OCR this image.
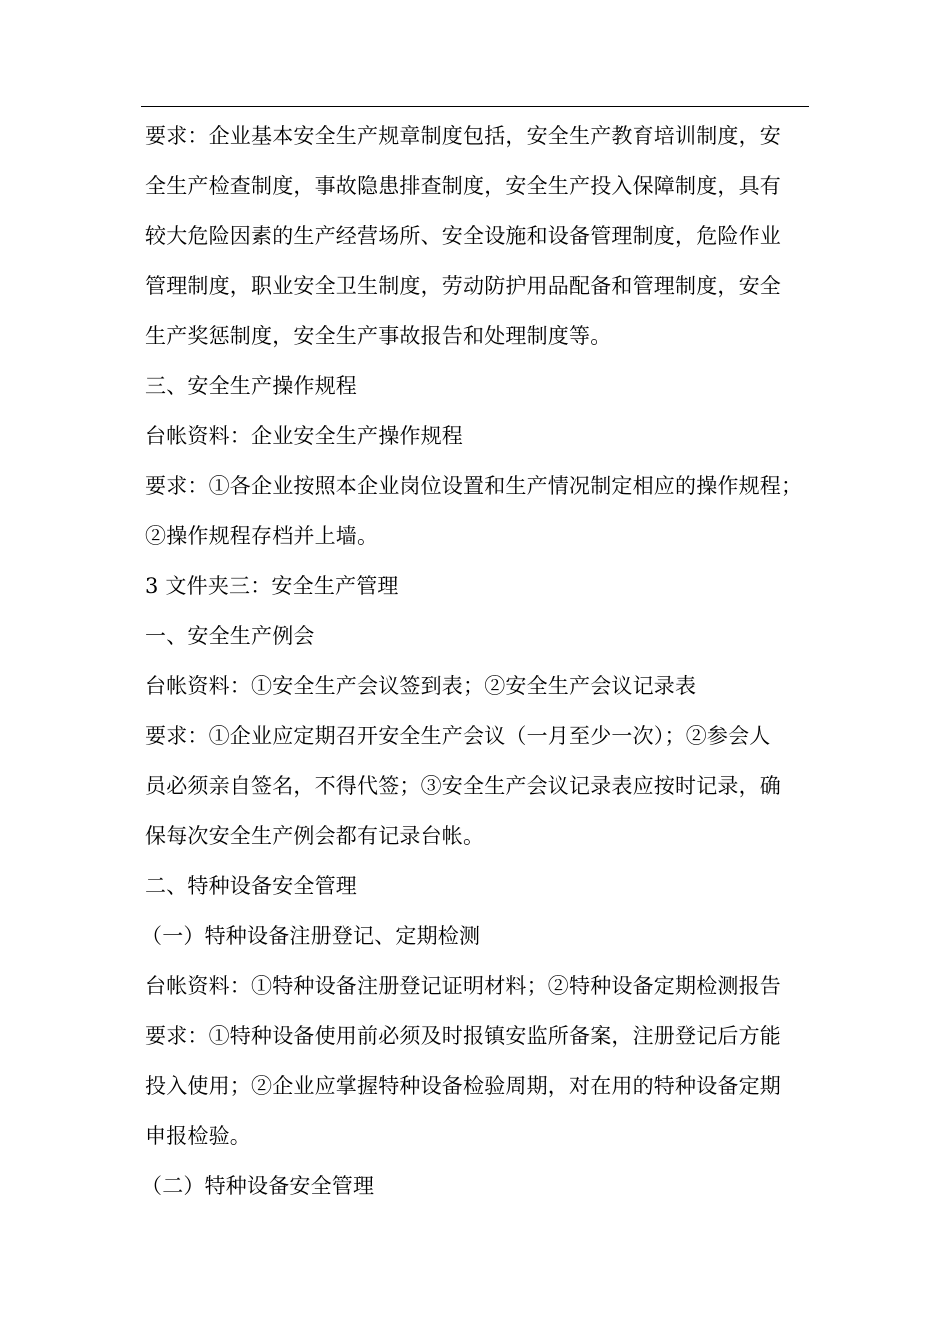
要求：企业基本安全生产规章制度包括，安全生产教育培训制度，安
全生产检查制度，事故隐患排查制度，安全生产投入保障制度，具有
较大危险因素的生产经营场所、安全设施和设备管理制度，危险作业
管理制度，职业安全卫生制度，劳动防护用品配备和管理制度，安全
生产奖惩制度，安全生产事故报告和处理制度等。
三、安全生产操作规程
台帐资料：企业安全生产操作规程
要求：①各企业按照本企业岗位设置和生产情况制定相应的操作规程；
②操作规程存档并上墙。
3 文件夹三：安全生产管理
一、安全生产例会
台帐资料：①安全生产会议签到表；②安全生产会议记录表
要求：①企业应定期召开安全生产会议（一月至少一次）；②参会人
员必须亲自签名，不得代签；③安全生产会议记录表应按时记录，确
保每次安全生产例会都有记录台帐。
二、特种设备安全管理
（一）特种设备注册登记、定期检测
台帐资料：①特种设备注册登记证明材料；②特种设备定期检测报告
要求：①特种设备使用前必须及时报镇安监所备案，注册登记后方能
投入使用；②企业应掌握特种设备检验周期，对在用的特种设备定期
申报检验。
（二）特种设备安全管理
